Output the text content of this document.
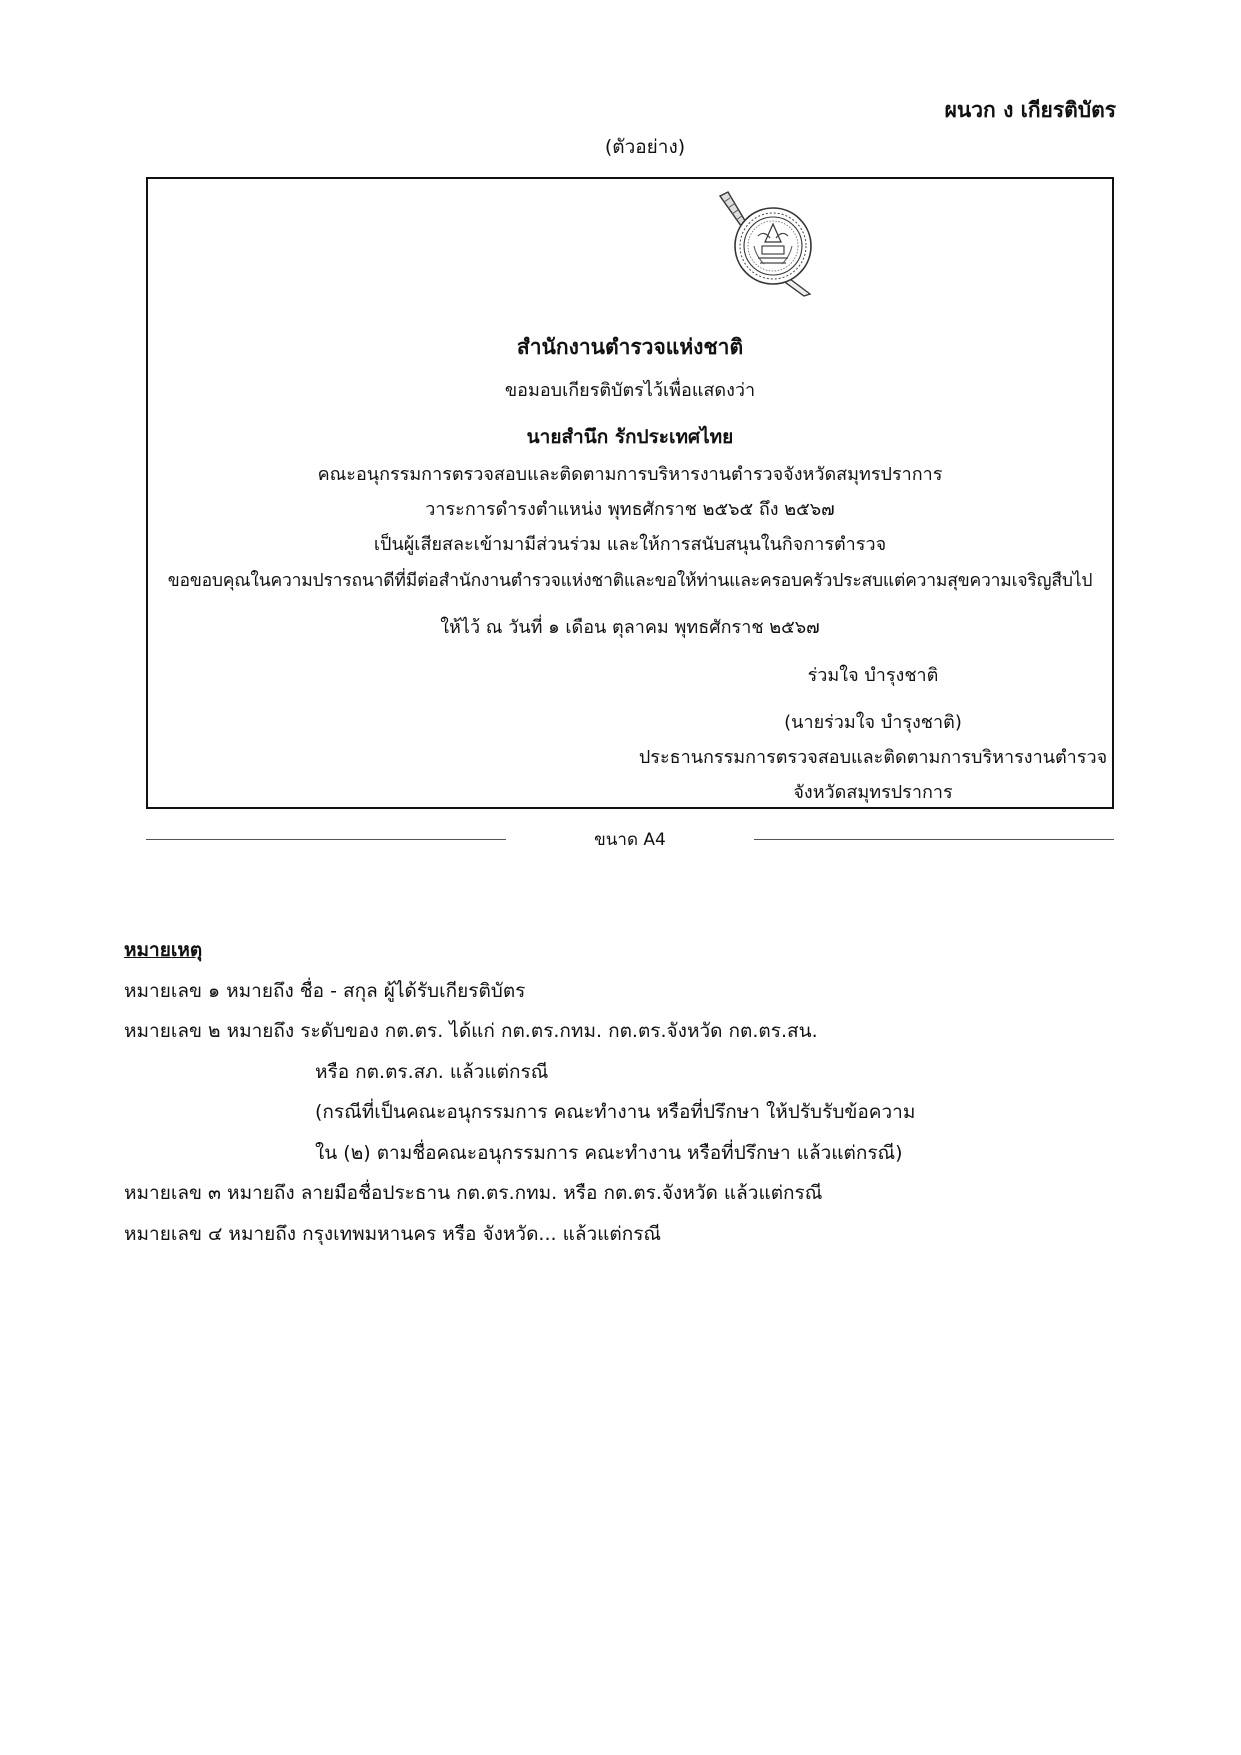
ผนวก ง เกียรติบัตร
(ตัวอย่าง)
สำนักงานตำรวจแห่งชาติ
ขอมอบเกียรติบัตรไว้เพื่อแสดงว่า
นายสำนึก รักประเทศไทย
คณะอนุกรรมการตรวจสอบและติดตามการบริหารงานตำรวจจังหวัดสมุทรปราการ
วาระการดำรงตำแหน่ง พุทธศักราช ๒๕๖๕ ถึง ๒๕๖๗
เป็นผู้เสียสละเข้ามามีส่วนร่วม และให้การสนับสนุนในกิจการตำรวจ
ขอขอบคุณในความปรารถนาดีที่มีต่อสำนักงานตำรวจแห่งชาติและขอให้ท่านและครอบครัวประสบแต่ความสุขความเจริญสืบไป
ให้ไว้ ณ วันที่ ๑ เดือน ตุลาคม พุทธศักราช ๒๕๖๗
ร่วมใจ บำรุงชาติ
(นายร่วมใจ บำรุงชาติ)
ประธานกรรมการตรวจสอบและติดตามการบริหารงานตำรวจ
จังหวัดสมุทรปราการ
ขนาด A4
หมายเหตุ
หมายเลข ๑ หมายถึง ชื่อ - สกุล ผู้ได้รับเกียรติบัตร
หมายเลข ๒ หมายถึง ระดับของ กต.ตร. ได้แก่ กต.ตร.กทม. กต.ตร.จังหวัด กต.ตร.สน.
หรือ กต.ตร.สภ. แล้วแต่กรณี
(กรณีที่เป็นคณะอนุกรรมการ คณะทำงาน หรือที่ปรึกษา ให้ปรับรับข้อความ
ใน (๒) ตามชื่อคณะอนุกรรมการ คณะทำงาน หรือที่ปรึกษา แล้วแต่กรณี)
หมายเลข ๓ หมายถึง ลายมือชื่อประธาน กต.ตร.กทม. หรือ กต.ตร.จังหวัด แล้วแต่กรณี
หมายเลข ๔ หมายถึง กรุงเทพมหานคร หรือ จังหวัด... แล้วแต่กรณี
